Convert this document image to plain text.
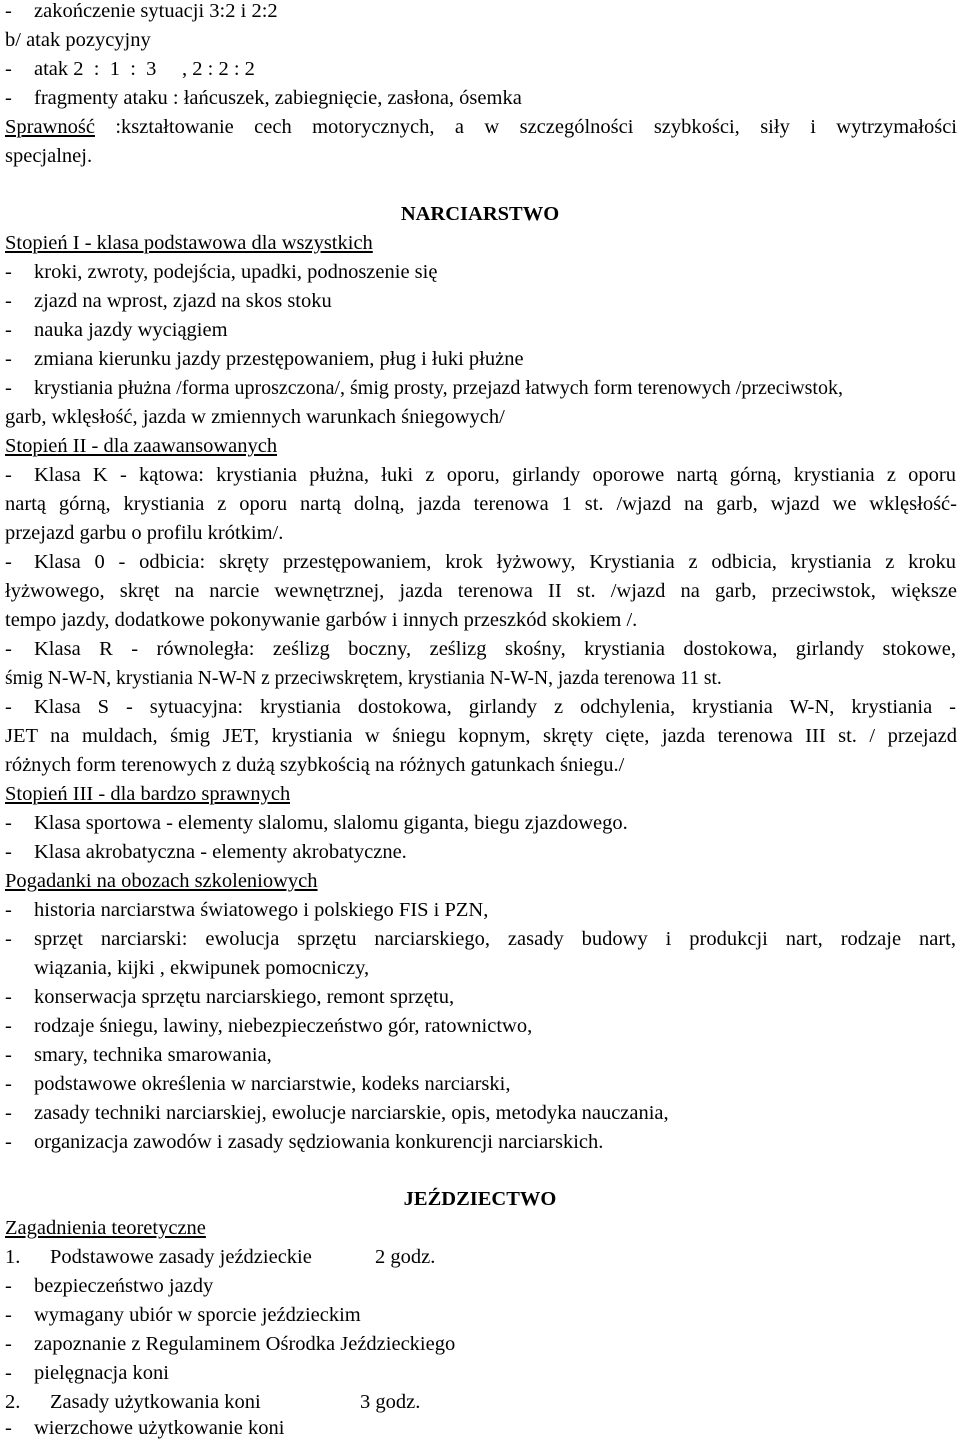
-	zakończenie sytuacji 3:2 i 2:2
b/ atak pozycyjny
-	atak 2  :  1  :  3     , 2 : 2 : 2
-	fragmenty ataku : łańcuszek, zabiegnięcie, zasłona, ósemka
Sprawność :kształtowanie cech motorycznych, a w szczególności szybkości, siły i wytrzymałości
specjalnej.
NARCIARSTWO
Stopień I - klasa podstawowa dla wszystkich
-	kroki, zwroty, podejścia, upadki, podnoszenie się
-	zjazd na wprost, zjazd na skos stoku
-	nauka jazdy wyciągiem
-	zmiana kierunku jazdy przestępowaniem, pług i łuki płużne
-	krystiania płużna /forma uproszczona/, śmig prosty, przejazd łatwych form terenowych /przeciwstok,
garb, wklęsłość, jazda w zmiennych warunkach śniegowych/
Stopień II - dla zaawansowanych
-	Klasa K - kątowa: krystiania płużna, łuki z oporu, girlandy oporowe nartą górną, krystiania z oporu
nartą górną, krystiania z oporu nartą dolną, jazda terenowa 1 st. /wjazd na garb, wjazd we wklęsłość-
przejazd garbu o profilu krótkim/.
-	Klasa 0 - odbicia: skręty przestępowaniem, krok łyżwowy, Krystiania z odbicia, krystiania z kroku
łyżwowego, skręt na narcie wewnętrznej, jazda terenowa II st. /wjazd na garb, przeciwstok, większe
tempo jazdy, dodatkowe pokonywanie garbów i innych przeszkód skokiem /.
-	Klasa R - równoległa: ześlizg boczny, ześlizg skośny, krystiania dostokowa, girlandy stokowe,
śmig N-W-N, krystiania N-W-N z przeciwskrętem, krystiania N-W-N, jazda terenowa 11 st.
-	Klasa S - sytuacyjna: krystiania dostokowa, girlandy z odchylenia, krystiania W-N, krystiania -
JET na muldach, śmig JET, krystiania w śniegu kopnym, skręty cięte, jazda terenowa III st. / przejazd
różnych form terenowych z dużą szybkością na różnych gatunkach śniegu./
Stopień III - dla bardzo sprawnych
-	Klasa sportowa - elementy slalomu, slalomu giganta, biegu zjazdowego.
-	Klasa akrobatyczna - elementy akrobatyczne.
Pogadanki na obozach szkoleniowych
-	historia narciarstwa światowego i polskiego FIS i PZN,
-	sprzęt narciarski: ewolucja sprzętu narciarskiego, zasady budowy i produkcji nart, rodzaje nart,
wiązania, kijki , ekwipunek pomocniczy,
-	konserwacja sprzętu narciarskiego, remont sprzętu,
-	rodzaje śniegu, lawiny, niebezpieczeństwo gór, ratownictwo,
-	smary, technika smarowania,
-	podstawowe określenia w narciarstwie, kodeks narciarski,
-	zasady techniki narciarskiej, ewolucje narciarskie, opis, metodyka nauczania,
-	organizacja zawodów i zasady sędziowania konkurencji narciarskich.
JEŹDZIECTWO
Zagadnienia teoretyczne
1. Podstawowe zasady jeździeckie	2 godz.
-	bezpieczeństwo jazdy
-	wymagany ubiór w sporcie jeździeckim
-	zapoznanie z Regulaminem Ośrodka Jeździeckiego
-	pielęgnacja koni
2. Zasady użytkowania koni	3 godz.
-	wierzchowe użytkowanie koni
